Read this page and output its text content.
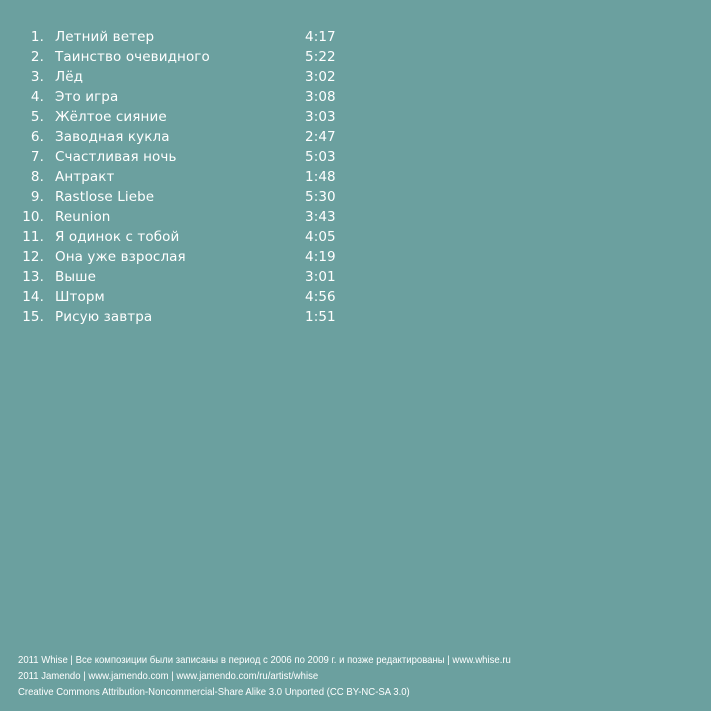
1. Летний ветер	4:17
2. Таинство очевидного	5:22
3. Лёд	3:02
4. Это игра	3:08
5. Жёлтое сияние	3:03
6. Заводная кукла	2:47
7. Счастливая ночь	5:03
8. Антракт	1:48
9. Rastlose Liebe	5:30
10. Reunion	3:43
11. Я одинок с тобой	4:05
12. Она уже взрослая	4:19
13. Выше	3:01
14. Шторм	4:56
15. Рисую завтра	1:51
2011 Whise | Все композиции были записаны в период с 2006 по 2009 г. и позже редактированы | www.whise.ru
2011 Jamendo | www.jamendo.com | www.jamendo.com/ru/artist/whise
Creative Commons Attribution-Noncommercial-Share Alike 3.0 Unported (CC BY-NC-SA 3.0)
